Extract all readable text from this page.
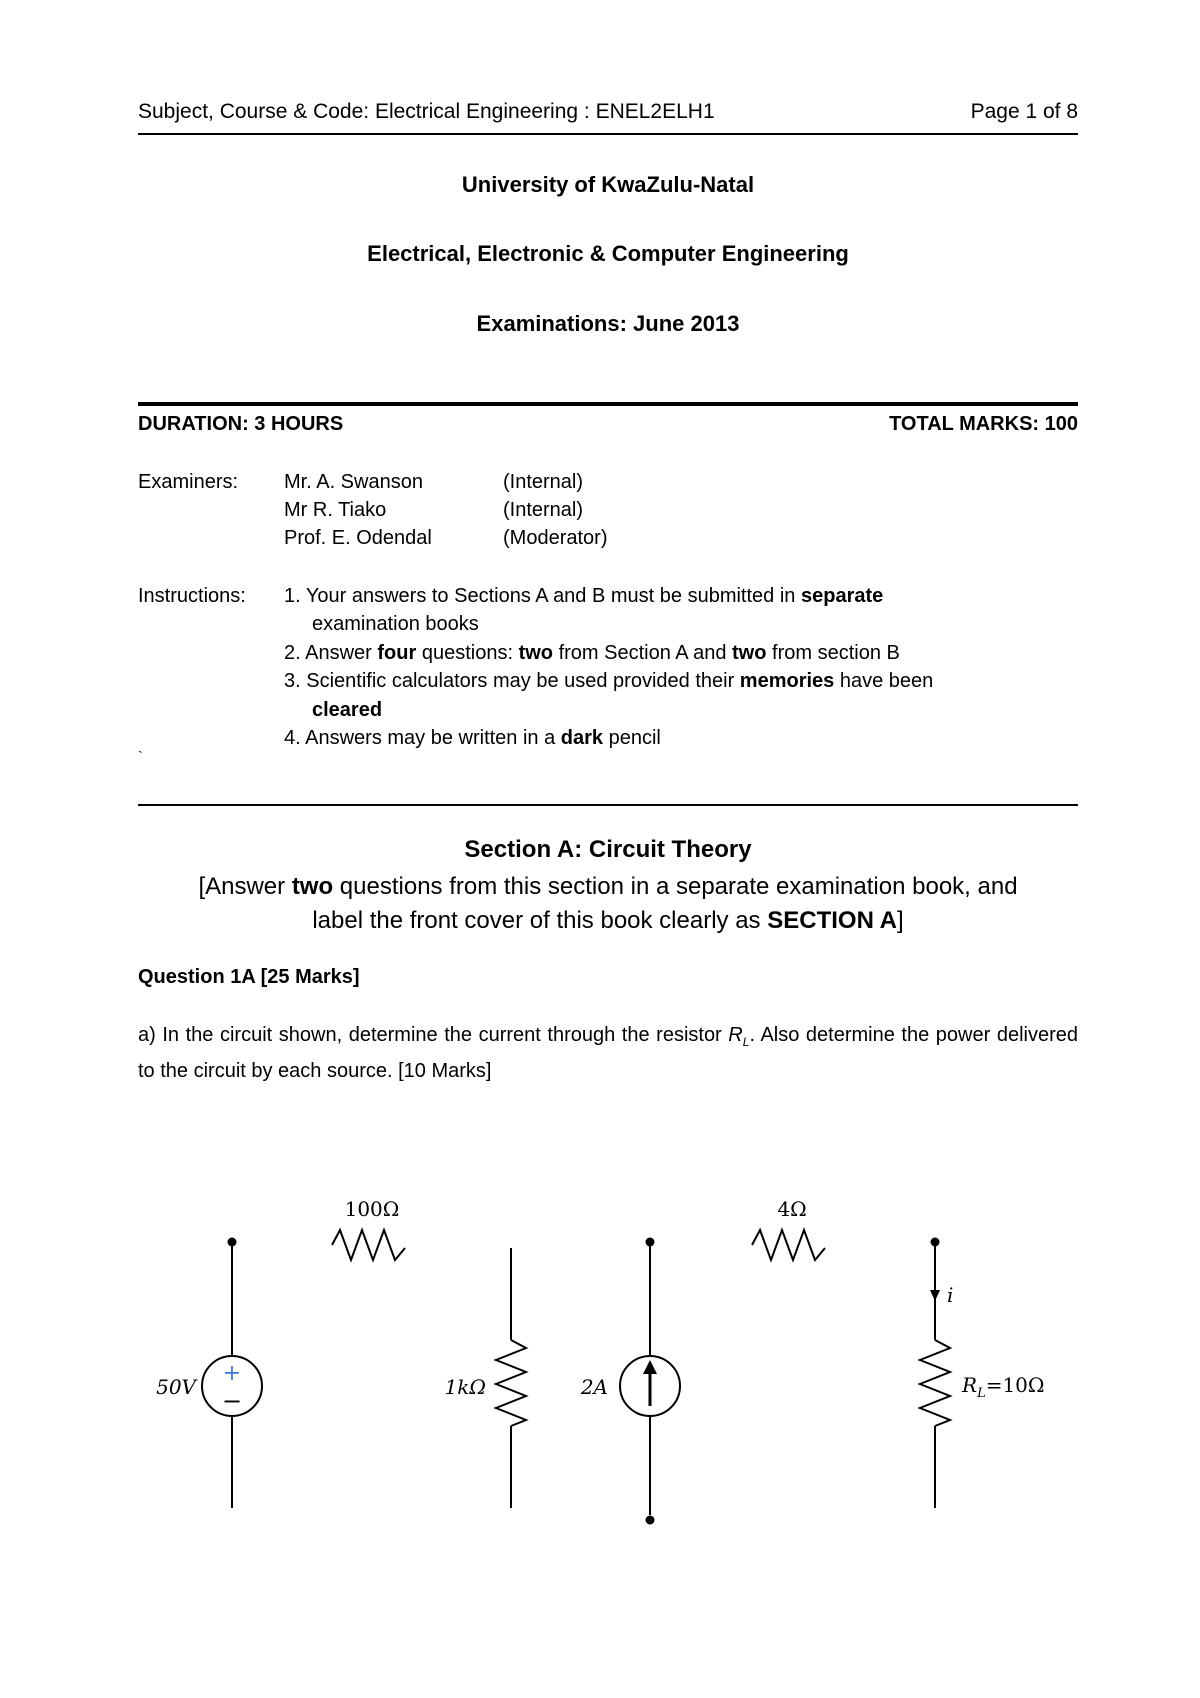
Subject, Course & Code: Electrical Engineering : ENEL2ELH1	Page 1 of 8
University of KwaZulu-Natal
Electrical, Electronic & Computer Engineering
Examinations: June 2013
DURATION: 3 HOURS	TOTAL MARKS: 100
Examiners: Mr. A. Swanson	(Internal)
Mr R. Tiako	(Internal)
Prof. E. Odendal	(Moderator)
Instructions: 1. Your answers to Sections A and B must be submitted in separate
examination books
2. Answer four questions: two from Section A and two from section B
3. Scientific calculators may be used provided their memories have been
cleared
4. Answers may be written in a dark pencil
`
Section A: Circuit Theory
[Answer two questions from this section in a separate examination book, and
label the front cover of this book clearly as SECTION A]
Question 1A [25 Marks]
a) In the circuit shown, determine the current through the resistor $R_L$. Also determine the power delivered to the circuit by each source. [10 Marks]
+
−
50V
100Ω
1kΩ	2A
4Ω
i
$R_L=10\Omega$
